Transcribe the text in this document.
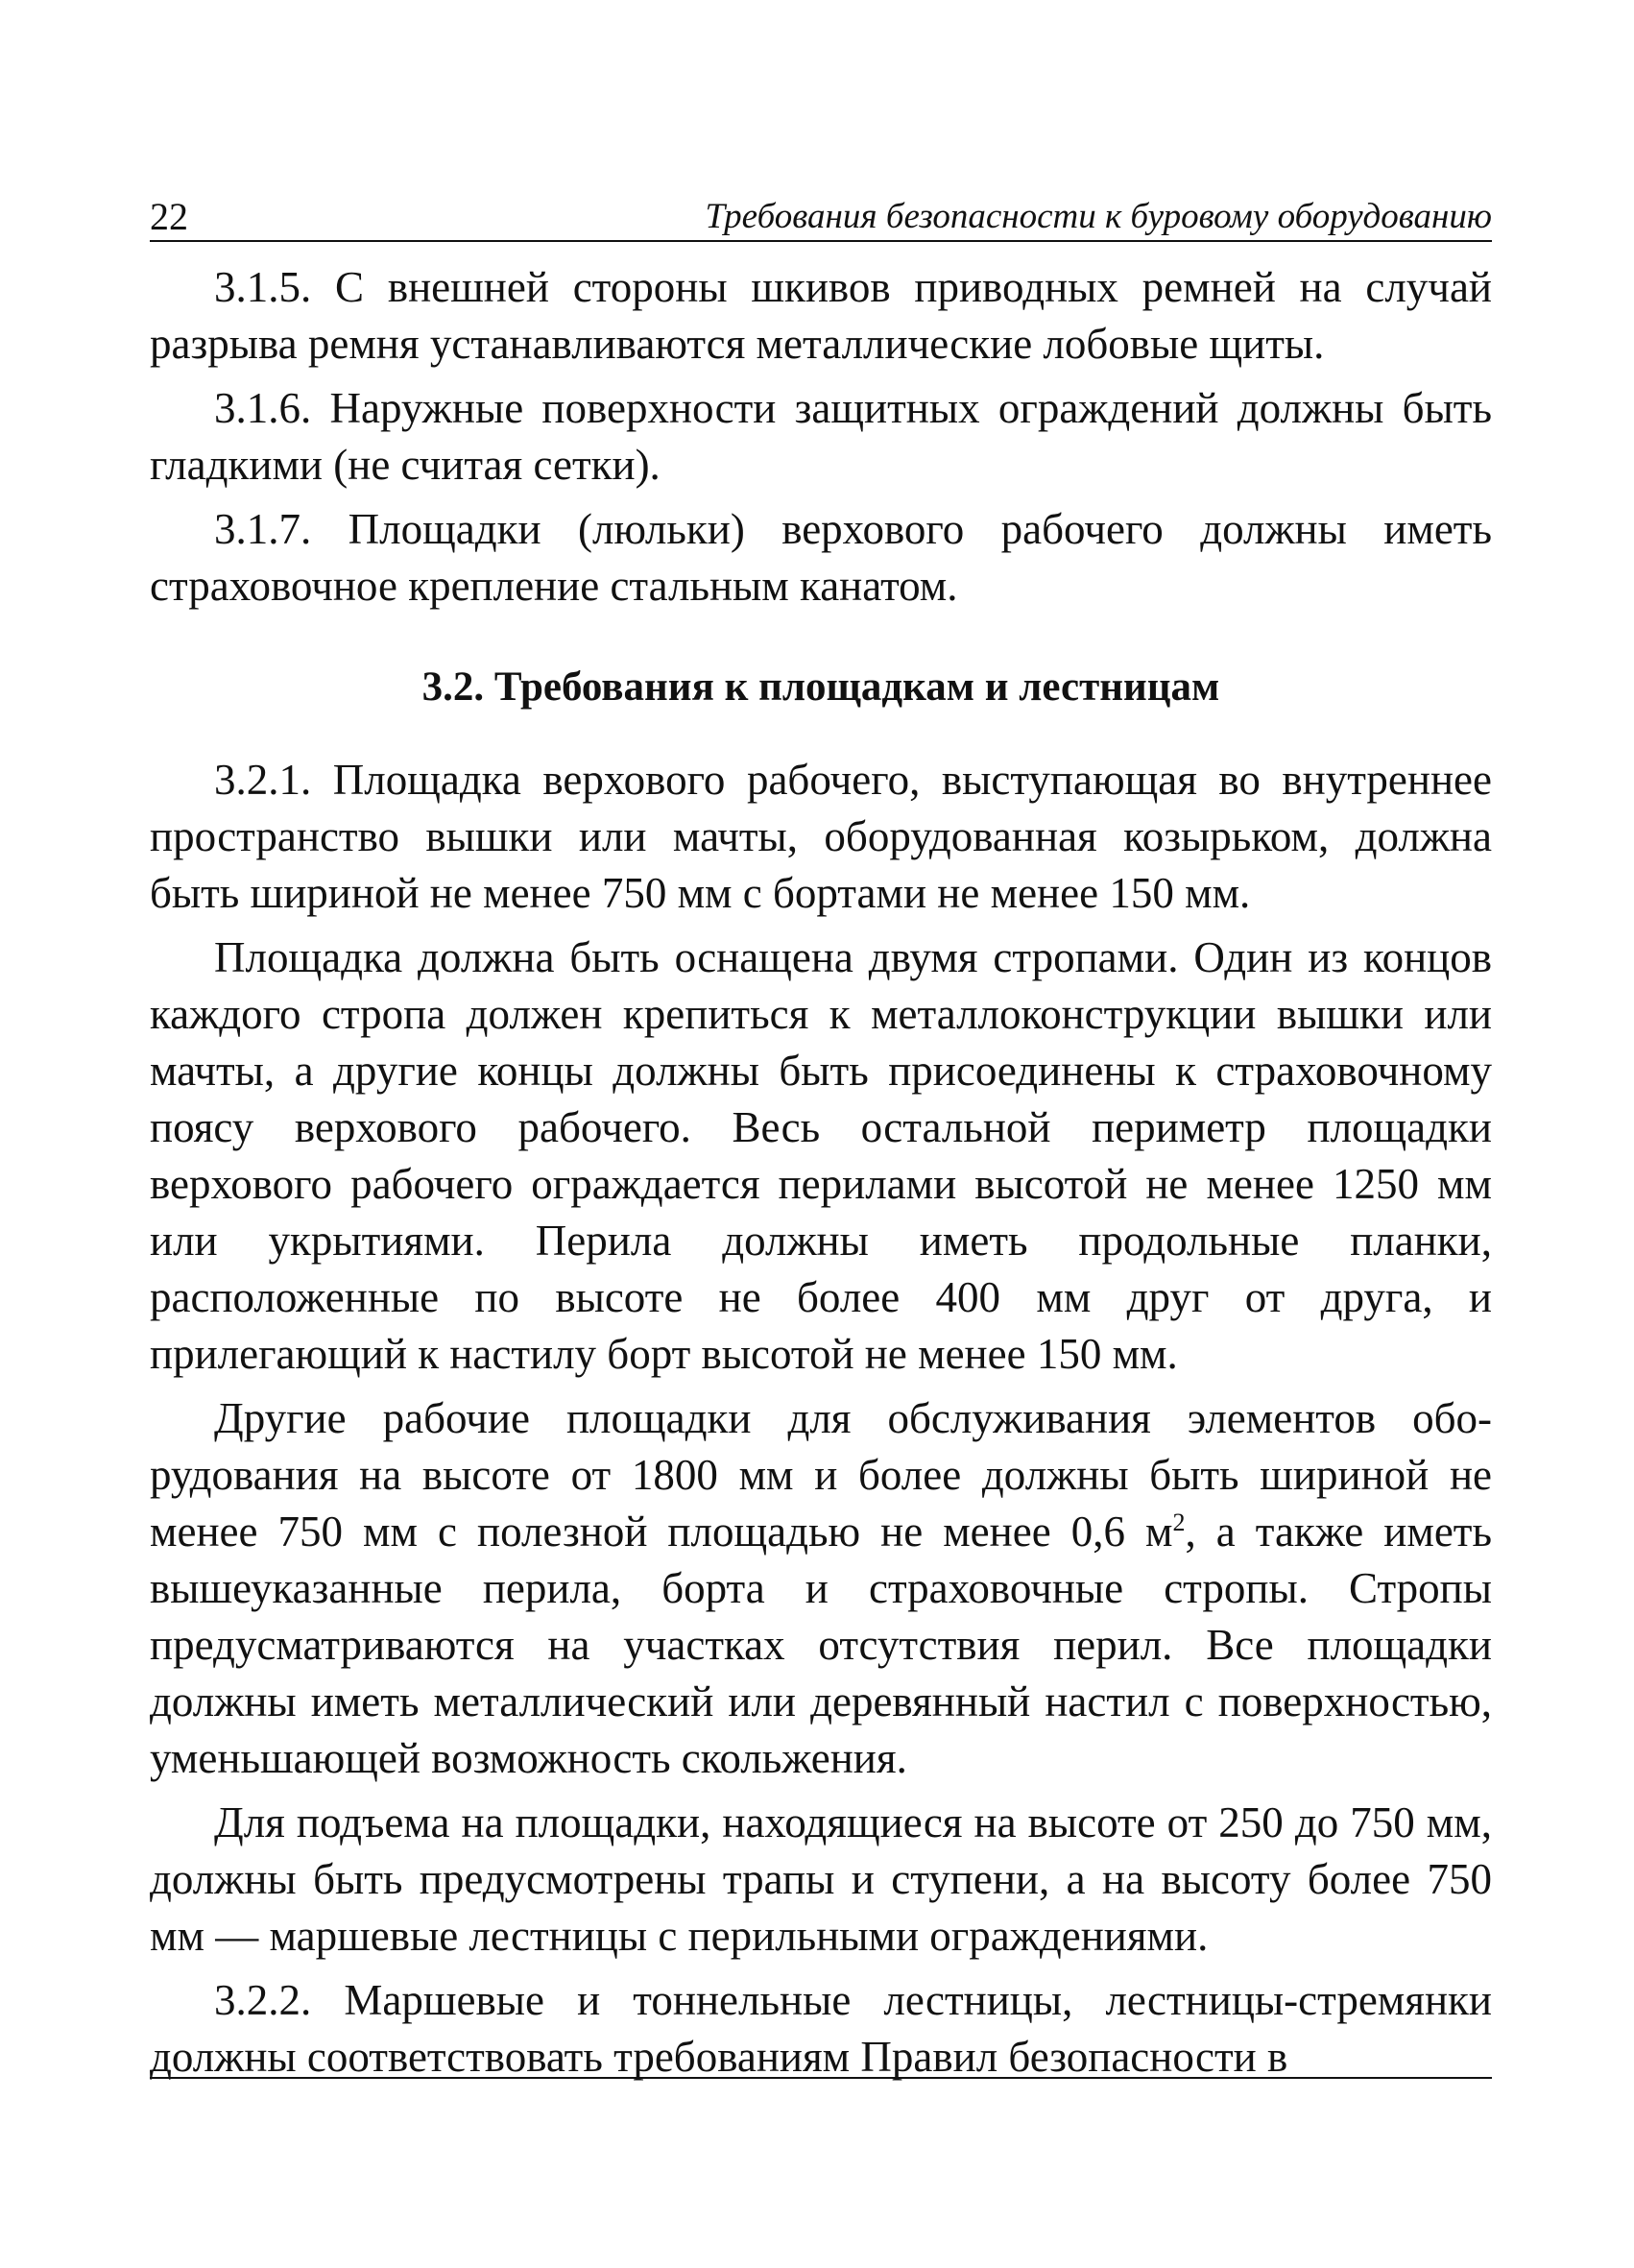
22	Требования безопасности к буровому оборудованию

3.1.5. С внешней стороны шкивов приводных ремней на случай разрыва ремня устанавливаются металлические лобовые щиты.

3.1.6. Наружные поверхности защитных ограждений должны быть гладкими (не считая сетки).

3.1.7. Площадки (люльки) верхового рабочего должны иметь страховочное крепление стальным канатом.

3.2. Требования к площадкам и лестницам

3.2.1. Площадка верхового рабочего, выступающая во внутреннее пространство вышки или мачты, оборудованная козырьком, должна быть шириной не менее 750 мм с бортами не менее 150 мм.

Площадка должна быть оснащена двумя стропами. Один из концов каждого стропа должен крепиться к металлоконструкции вышки или мачты, а другие концы должны быть присоединены к страховочному поясу верхового рабочего. Весь остальной периметр площадки верхового рабочего ограждается перилами высотой не менее 1250 мм или укрытиями. Перила должны иметь продольные планки, расположенные по высоте не более 400 мм друг от друга, и прилегающий к настилу борт высотой не менее 150 мм.

Другие рабочие площадки для обслуживания элементов оборудования на высоте от 1800 мм и более должны быть шириной не менее 750 мм с полезной площадью не менее 0,6 $м^2$, а также иметь вышеуказанные перила, борта и страховочные стропы. Стропы предусматриваются на участках отсутствия перил. Все площадки должны иметь металлический или деревянный настил с поверхностью, уменьшающей возможность скольжения.

Для подъема на площадки, находящиеся на высоте от 250 до 750 мм, должны быть предусмотрены трапы и ступени, а на высоту более 750 мм — маршевые лестницы с перильными ограждениями.

3.2.2. Маршевые и тоннельные лестницы, лестницы-стремянки должны соответствовать требованиям Правил безопасности в
